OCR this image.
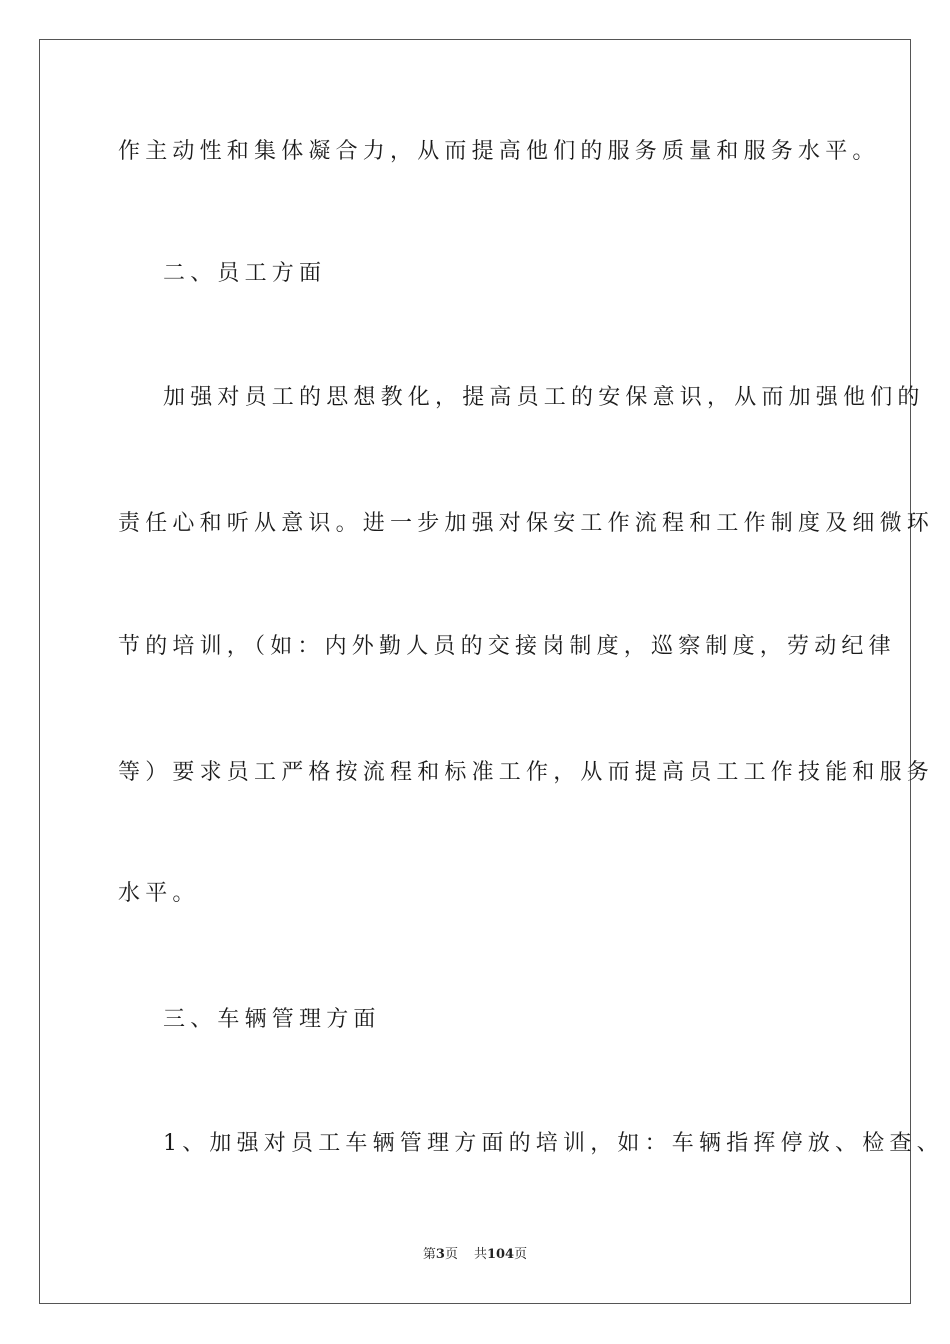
作主动性和集体凝合力，从而提高他们的服务质量和服务水平。
二、员工方面
加强对员工的思想教化，提高员工的安保意识，从而加强他们的
责任心和听从意识。进一步加强对保安工作流程和工作制度及细微环
节的培训，（如：内外勤人员的交接岗制度，巡察制度，劳动纪律
等）要求员工严格按流程和标准工作，从而提高员工工作技能和服务
水平。
三、车辆管理方面
1、加强对员工车辆管理方面的培训，如：车辆指挥停放、检查、
第3页 共104页
